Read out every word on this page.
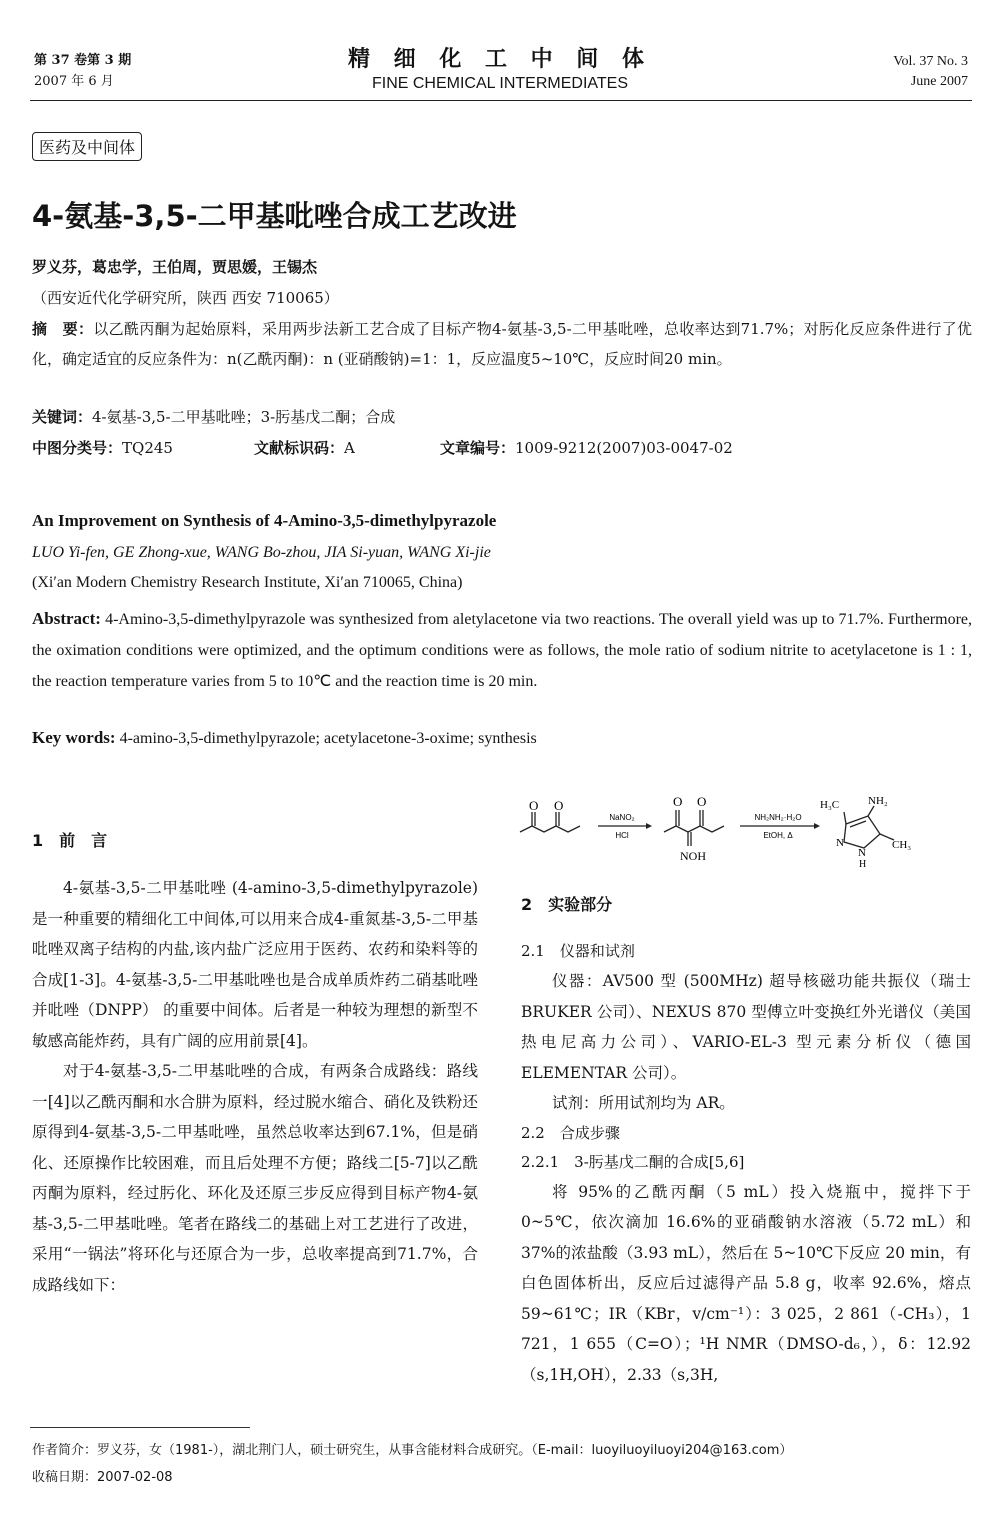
第 37 卷第 3 期
2007 年 6 月
精 细 化 工 中 间 体
FINE CHEMICAL INTERMEDIATES
Vol. 37 No. 3
June 2007
医药及中间体
4-氨基-3,5-二甲基吡唑合成工艺改进
罗义芬，葛忠学，王伯周，贾思媛，王锡杰
（西安近代化学研究所，陕西 西安 710065）
摘　要：以乙酰丙酮为起始原料，采用两步法新工艺合成了目标产物4-氨基-3,5-二甲基吡唑，总收率达到71.7%；对肟化反应条件进行了优化，确定适宜的反应条件为：n(乙酰丙酮)：n (亚硝酸钠)=1：1，反应温度5~10℃，反应时间20 min。
关键词：4-氨基-3,5-二甲基吡唑；3-肟基戊二酮；合成
中图分类号：TQ245	文献标识码：A	文章编号：1009-9212(2007)03-0047-02
An Improvement on Synthesis of 4-Amino-3,5-dimethylpyrazole
LUO Yi-fen, GE Zhong-xue, WANG Bo-zhou, JIA Si-yuan, WANG Xi-jie
(Xi′an Modern Chemistry Research Institute, Xi′an 710065, China)
Abstract: 4-Amino-3,5-dimethylpyrazole was synthesized from aletylacetone via two reactions. The overall yield was up to 71.7%. Furthermore, the oximation conditions were optimized, and the optimum conditions were as follows, the mole ratio of sodium nitrite to acetylacetone is 1 : 1, the reaction temperature varies from 5 to 10℃ and the reaction time is 20 min.
Key words: 4-amino-3,5-dimethylpyrazole; acetylacetone-3-oxime; synthesis
1　前　言

4-氨基-3,5-二甲基吡唑 (4-amino-3,5-dimethylpyrazole)是一种重要的精细化工中间体,可以用来合成4-重氮基-3,5-二甲基吡唑双离子结构的内盐,该内盐广泛应用于医药、农药和染料等的合成[1-3]。4-氨基-3,5-二甲基吡唑也是合成单质炸药二硝基吡唑并吡唑（DNPP） 的重要中间体。后者是一种较为理想的新型不敏感高能炸药，具有广阔的应用前景[4]。

对于4-氨基-3,5-二甲基吡唑的合成，有两条合成路线：路线一[4]以乙酰丙酮和水合肼为原料，经过脱水缩合、硝化及铁粉还原得到4-氨基-3,5-二甲基吡唑，虽然总收率达到67.1%，但是硝化、还原操作比较困难，而且后处理不方便；路线二[5-7]以乙酰丙酮为原料，经过肟化、环化及还原三步反应得到目标产物4-氨基-3,5-二甲基吡唑。笔者在路线二的基础上对工艺进行了改进，采用“一锅法”将环化与还原合为一步，总收率提高到71.7%，合成路线如下：

O O
NaNO₂
HCl
O O
NOH
NH₂NH₂·H₂O
EtOH, Δ
H₃C	NH₂
CH₃
N
N
H
2　实验部分
2.1　仪器和试剂

仪器：AV500 型 (500MHz) 超导核磁功能共振仪（瑞士 BRUKER 公司）、NEXUS 870 型傅立叶变换红外光谱仪（美国热电尼高力公司）、VARIO-EL-3 型元素分析仪（德国 ELEMENTAR 公司）。

试剂：所用试剂均为 AR。

2.2　合成步骤
2.2.1　3-肟基戊二酮的合成[5,6]

将 95%的乙酰丙酮（5 mL）投入烧瓶中，搅拌下于 0~5℃，依次滴加 16.6%的亚硝酸钠水溶液（5.72 mL）和 37%的浓盐酸（3.93 mL），然后在 5~10℃下反应 20 min，有白色固体析出，反应后过滤得产品 5.8 g，收率 92.6%，熔点 59~61℃；IR（KBr，v/cm⁻¹）：3 025，2 861（-CH₃），1 721，1 655（C=O）；¹H NMR（DMSO-d₆，），δ：12.92（s,1H,OH），2.33（s,3H,

作者简介：罗义芬，女（1981-），湖北荆门人，硕士研究生，从事含能材料合成研究。（E-mail：luoyiluoyiluoyi204@163.com）
收稿日期：2007-02-08
